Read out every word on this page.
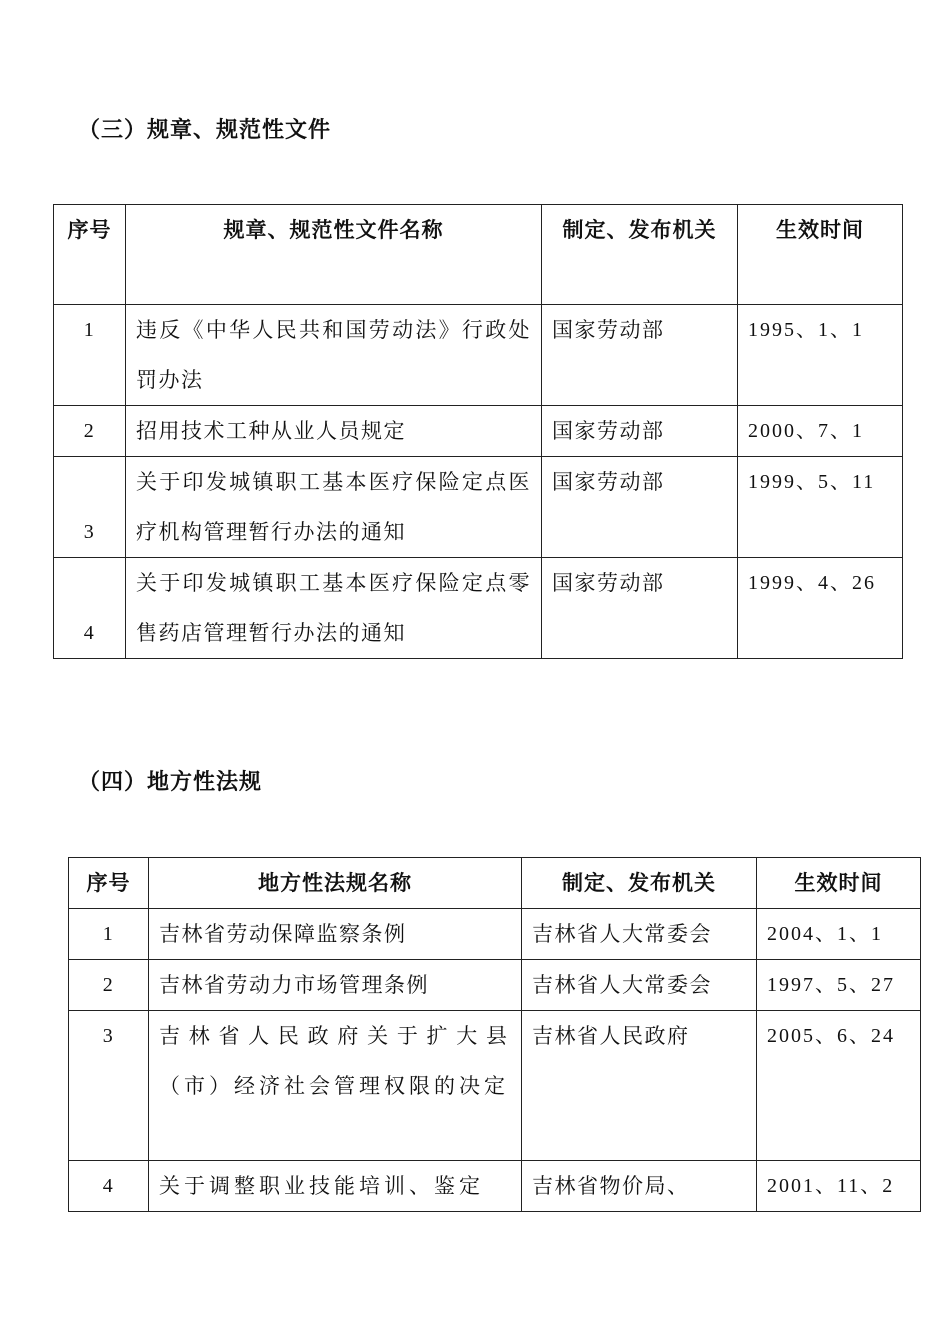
（三）规章、规范性文件
序号	规章、规范性文件名称	制定、发布机关	生效时间
1	违反《中华人民共和国劳动法》行政处罚办法	国家劳动部	1995、1、1
2	招用技术工种从业人员规定	国家劳动部	2000、7、1
3	关于印发城镇职工基本医疗保险定点医疗机构管理暂行办法的通知	国家劳动部	1999、5、11
4	关于印发城镇职工基本医疗保险定点零售药店管理暂行办法的通知	国家劳动部	1999、4、26
（四）地方性法规
序号	地方性法规名称	制定、发布机关	生效时间
1	吉林省劳动保障监察条例	吉林省人大常委会	2004、1、1
2	吉林省劳动力市场管理条例	吉林省人大常委会	1997、5、27
3	吉林省人民政府关于扩大县（市）经济社会管理权限的决定	吉林省人民政府	2005、6、24
4	关于调整职业技能培训、鉴定	吉林省物价局、	2001、11、2
